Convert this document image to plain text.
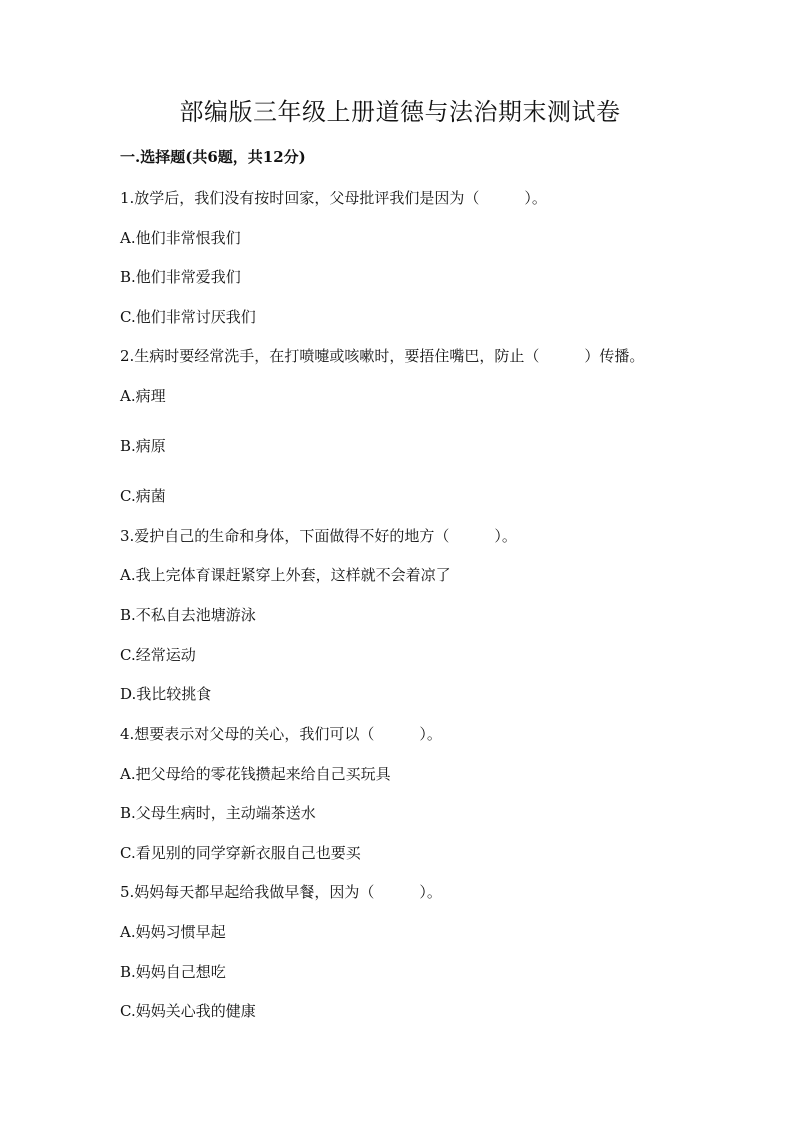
部编版三年级上册道德与法治期末测试卷
一.选择题(共6题，共12分)
1.放学后，我们没有按时回家，父母批评我们是因为（　　　）。
A.他们非常恨我们
B.他们非常爱我们
C.他们非常讨厌我们
2.生病时要经常洗手，在打喷嚏或咳嗽时，要捂住嘴巴，防止（　　　）传播。
A.病理
B.病原
C.病菌
3.爱护自己的生命和身体，下面做得不好的地方（　　　）。
A.我上完体育课赶紧穿上外套，这样就不会着凉了
B.不私自去池塘游泳
C.经常运动
D.我比较挑食
4.想要表示对父母的关心，我们可以（　　　）。
A.把父母给的零花钱攒起来给自己买玩具
B.父母生病时，主动端茶送水
C.看见别的同学穿新衣服自己也要买
5.妈妈每天都早起给我做早餐，因为（　　　）。
A.妈妈习惯早起
B.妈妈自己想吃
C.妈妈关心我的健康
